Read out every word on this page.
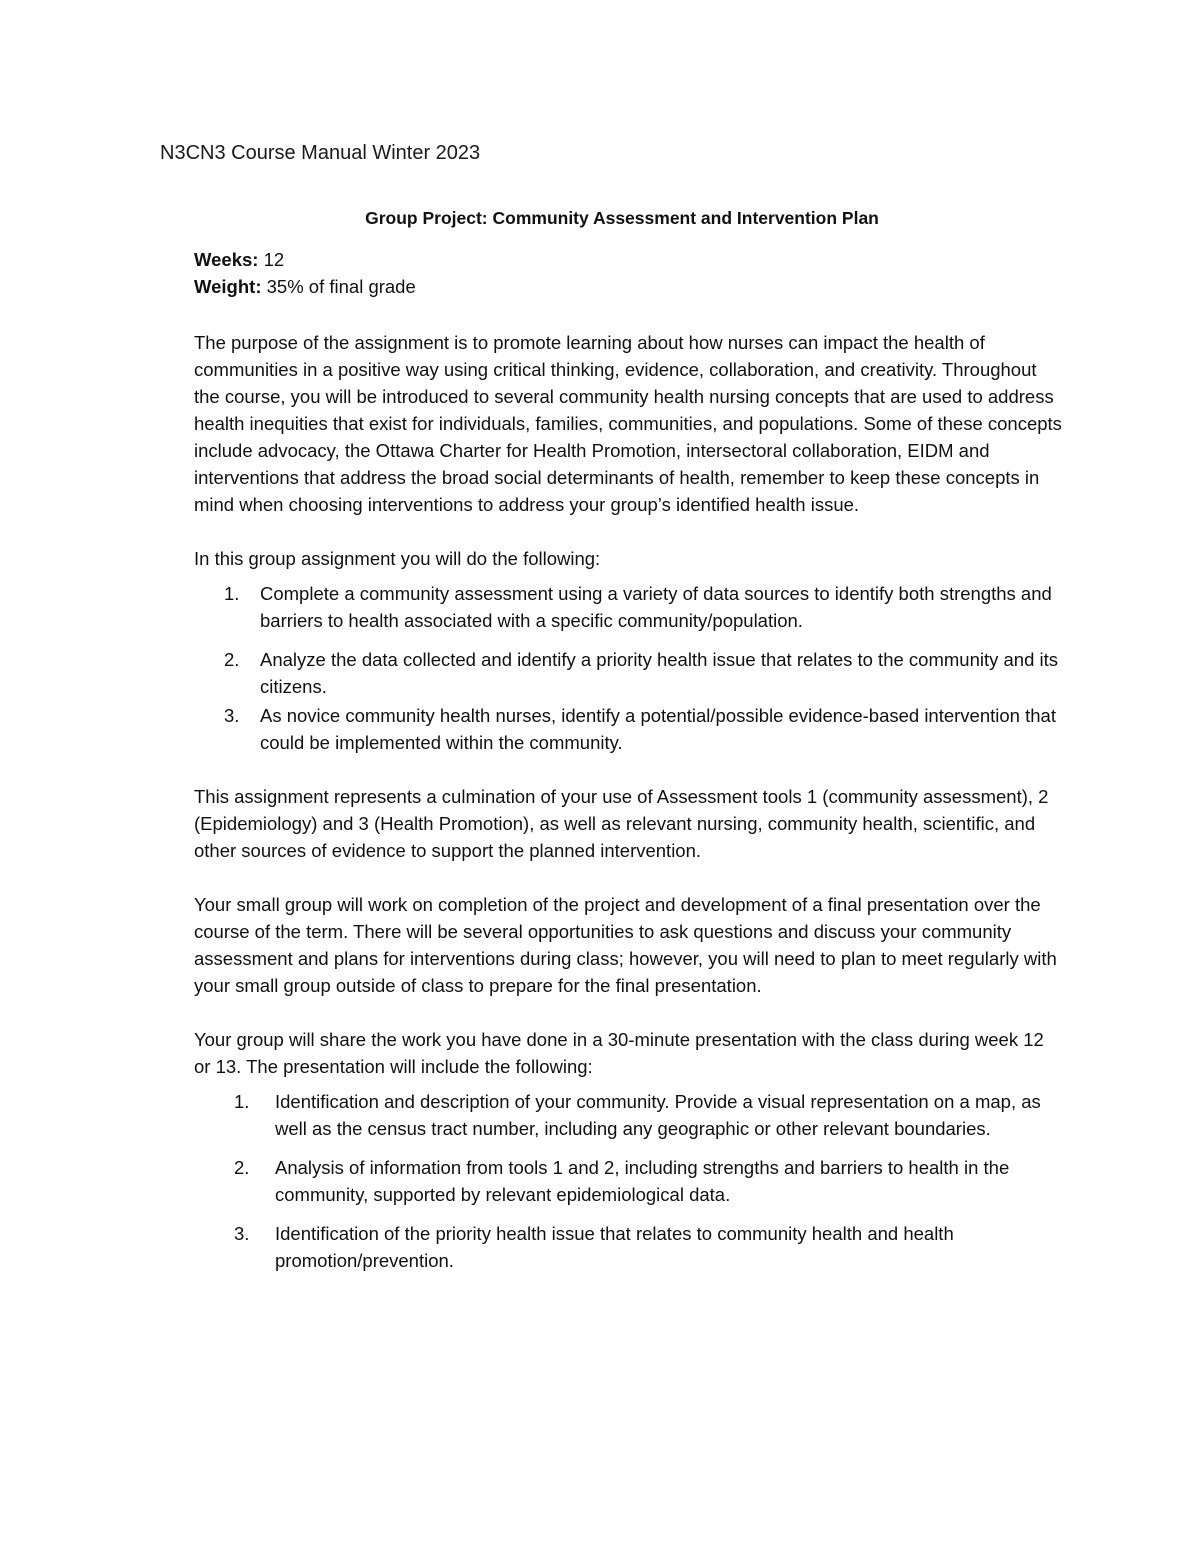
N3CN3 Course Manual Winter 2023
Group Project: Community Assessment and Intervention Plan
Weeks: 12
Weight: 35% of final grade

The purpose of the assignment is to promote learning about how nurses can impact the health of communities in a positive way using critical thinking, evidence, collaboration, and creativity. Throughout the course, you will be introduced to several community health nursing concepts that are used to address health inequities that exist for individuals, families, communities, and populations. Some of these concepts include advocacy, the Ottawa Charter for Health Promotion, intersectoral collaboration, EIDM and interventions that address the broad social determinants of health, remember to keep these concepts in mind when choosing interventions to address your group’s identified health issue.

In this group assignment you will do the following:

1. Complete a community assessment using a variety of data sources to identify both strengths and barriers to health associated with a specific community/population.
2. Analyze the data collected and identify a priority health issue that relates to the community and its citizens.
3. As novice community health nurses, identify a potential/possible evidence-based intervention that could be implemented within the community.

This assignment represents a culmination of your use of Assessment tools 1 (community assessment), 2 (Epidemiology) and 3 (Health Promotion), as well as relevant nursing, community health, scientific, and other sources of evidence to support the planned intervention.

Your small group will work on completion of the project and development of a final presentation over the course of the term. There will be several opportunities to ask questions and discuss your community assessment and plans for interventions during class; however, you will need to plan to meet regularly with your small group outside of class to prepare for the final presentation.

Your group will share the work you have done in a 30-minute presentation with the class during week 12 or 13. The presentation will include the following:

1. Identification and description of your community. Provide a visual representation on a map, as well as the census tract number, including any geographic or other relevant boundaries.
2. Analysis of information from tools 1 and 2, including strengths and barriers to health in the community, supported by relevant epidemiological data.
3. Identification of the priority health issue that relates to community health and health promotion/prevention.
